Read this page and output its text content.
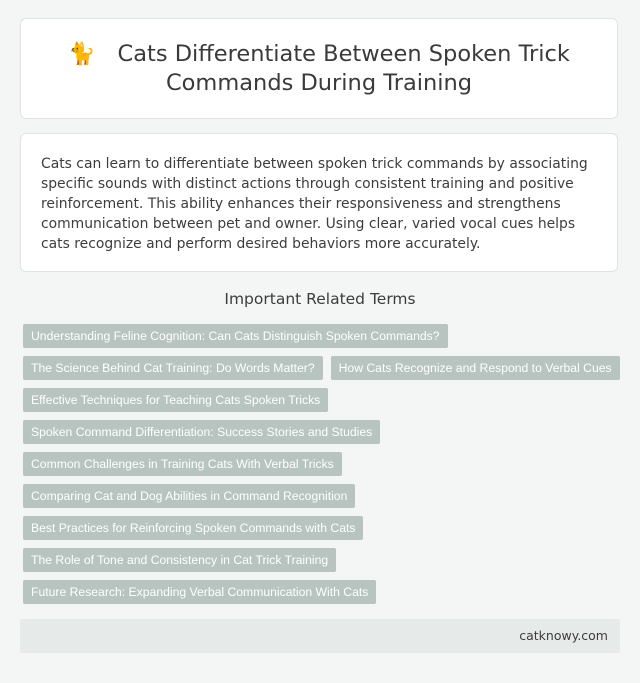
🐈 Cats Differentiate Between Spoken Trick Commands During Training

Cats can learn to differentiate between spoken trick commands by associating specific sounds with distinct actions through consistent training and positive reinforcement. This ability enhances their responsiveness and strengthens communication between pet and owner. Using clear, varied vocal cues helps cats recognize and perform desired behaviors more accurately.

Important Related Terms
Understanding Feline Cognition: Can Cats Distinguish Spoken Commands?
The Science Behind Cat Training: Do Words Matter?	How Cats Recognize and Respond to Verbal Cues
Effective Techniques for Teaching Cats Spoken Tricks
Spoken Command Differentiation: Success Stories and Studies
Common Challenges in Training Cats With Verbal Tricks
Comparing Cat and Dog Abilities in Command Recognition
Best Practices for Reinforcing Spoken Commands with Cats
The Role of Tone and Consistency in Cat Trick Training
Future Research: Expanding Verbal Communication With Cats
catknowy.com
